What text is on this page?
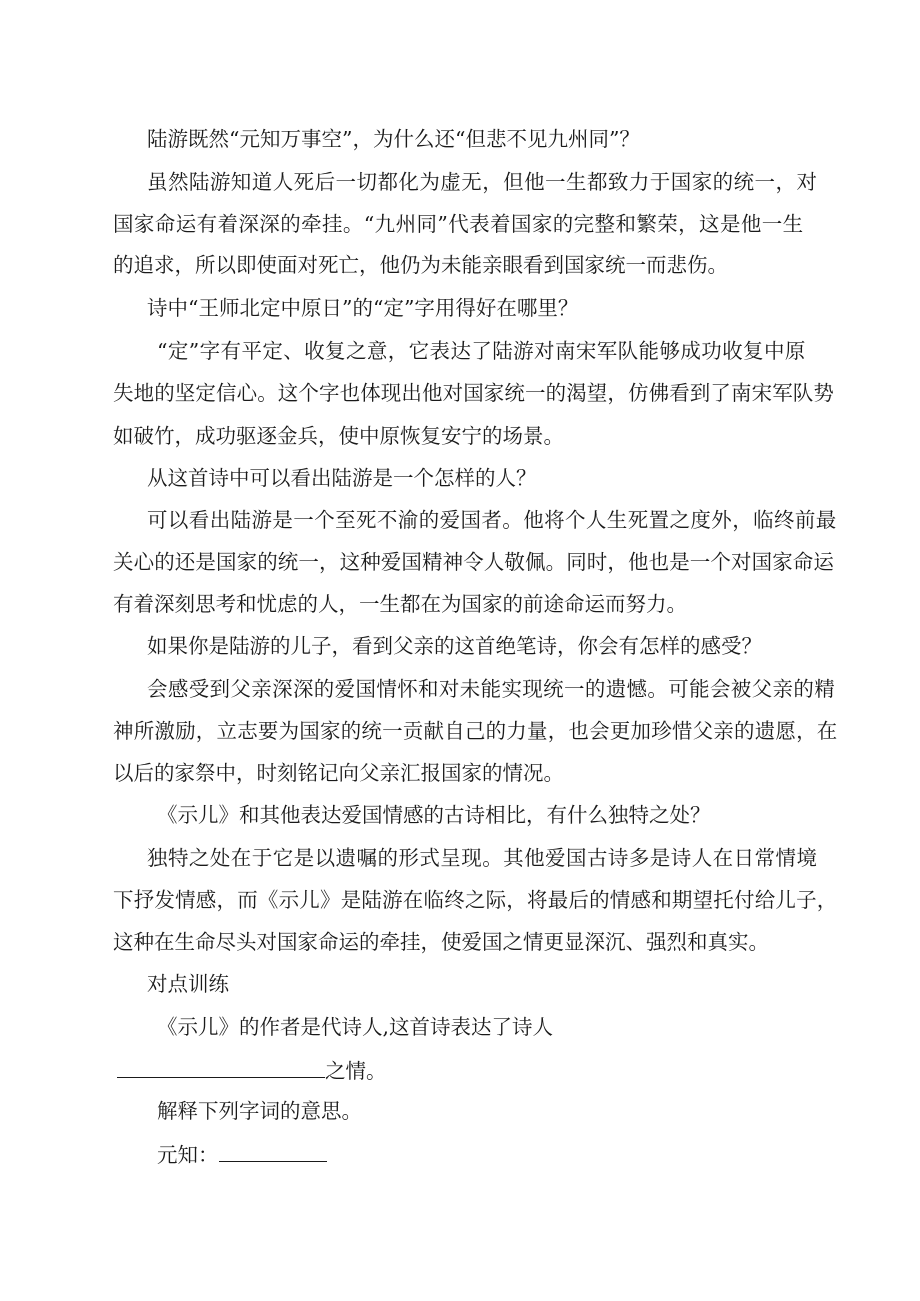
陆游既然“元知万事空”，为什么还“但悲不见九州同”？
虽然陆游知道人死后一切都化为虚无，但他一生都致力于国家的统一，对
国家命运有着深深的牵挂。“九州同”代表着国家的完整和繁荣，这是他一生
的追求，所以即使面对死亡，他仍为未能亲眼看到国家统一而悲伤。
诗中“王师北定中原日”的“定”字用得好在哪里？
“定”字有平定、收复之意，它表达了陆游对南宋军队能够成功收复中原
失地的坚定信心。这个字也体现出他对国家统一的渴望，仿佛看到了南宋军队势
如破竹，成功驱逐金兵，使中原恢复安宁的场景。
从这首诗中可以看出陆游是一个怎样的人？
可以看出陆游是一个至死不渝的爱国者。他将个人生死置之度外，临终前最
关心的还是国家的统一，这种爱国精神令人敬佩。同时，他也是一个对国家命运
有着深刻思考和忧虑的人，一生都在为国家的前途命运而努力。
如果你是陆游的儿子，看到父亲的这首绝笔诗，你会有怎样的感受？
会感受到父亲深深的爱国情怀和对未能实现统一的遗憾。可能会被父亲的精
神所激励，立志要为国家的统一贡献自己的力量，也会更加珍惜父亲的遗愿，在
以后的家祭中，时刻铭记向父亲汇报国家的情况。
《示儿》和其他表达爱国情感的古诗相比，有什么独特之处？
独特之处在于它是以遗嘱的形式呈现。其他爱国古诗多是诗人在日常情境
下抒发情感，而《示儿》是陆游在临终之际，将最后的情感和期望托付给儿子，
这种在生命尽头对国家命运的牵挂，使爱国之情更显深沉、强烈和真实。
对点训练
《示儿》的作者是代诗人,这首诗表达了诗人
之情。
解释下列字词的意思。
元知：
